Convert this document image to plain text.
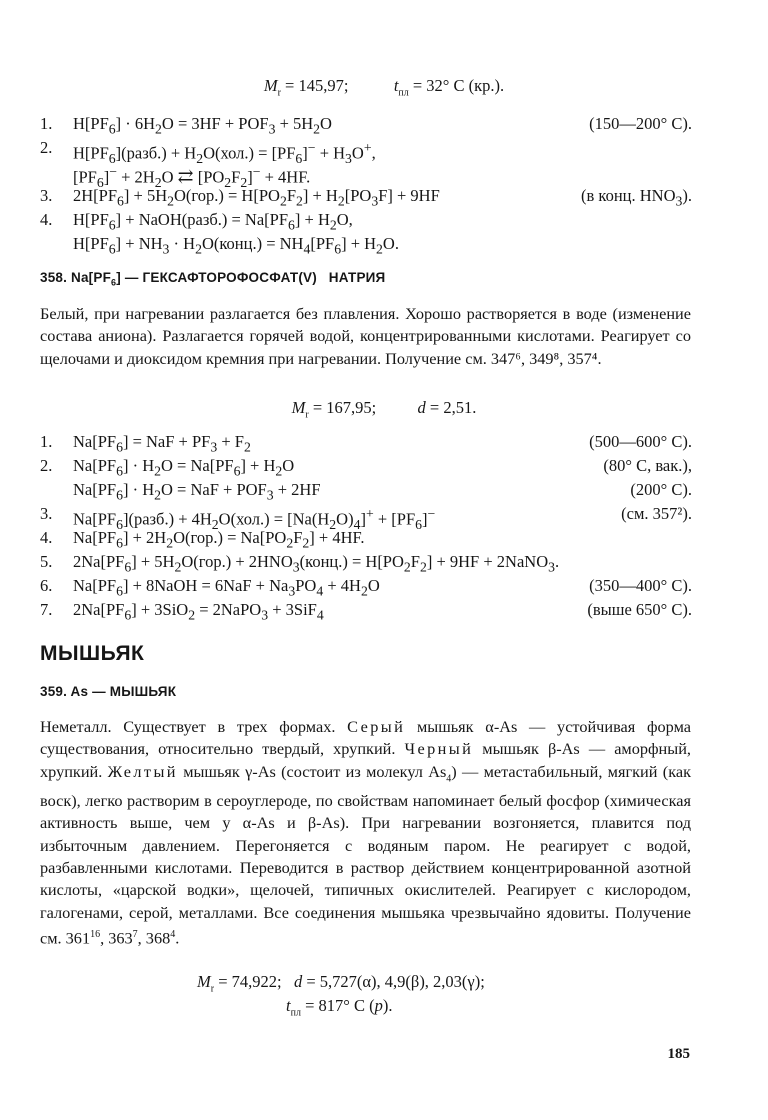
$M_r = 145,97$;           $t_{пл} = 32^\circ$ C (кр.).
1. $H[PF_6] \cdot 6H_2O = 3HF + POF_3 + 5H_2O$	(150—200° C).
2. $H[PF_6](разб.) + H_2O(хол.) = [PF_6]^- + H_3O^+$,
$[PF_6]^- + 2H_2O$ ⇄ $[PO_2F_2]^- + 4HF$.
3. $2H[PF_6] + 5H_2O(гор.) = H[PO_2F_2] + H_2[PO_3F] + 9HF$	(в конц. $HNO_3$).
4. $H[PF_6]$ + NaOH(разб.) = $Na[PF_6] + H_2O$,
$H[PF_6] + NH_3$ · $H_2O(конц.) = NH_4[PF_6] + H_2O$.
358. $Na[PF_6]$ — ГЕКСАФТОРОФОСФАТ(V)   НАТРИЯ
Белый, при нагревании разлагается без плавления. Хорошо растворяется в воде (изменение состава аниона). Разлагается горячей водой, концентрированными кислотами. Реагирует со щелочами и диоксидом кремния при нагревании. Получение см. 347⁶, 349⁸, 357⁴.
$M_r = 167,95$;          d = 2,51.
1. $Na[PF_6]$ = NaF + $PF_3 + F_2$	(500—600° C).
2. $Na[PF_6] \cdot H_2O = Na[PF_6] + H_2O$	(80° C, вак.),
$Na[PF_6] \cdot H_2O$ = NaF + $POF_3 + 2HF$	(200° C).
3. $Na[PF_6](разб.) + 4H_2O(хол.) = [Na(H_2O)_4]^+ + [PF_6]^-$	(см. 357²).
4. $Na[PF_6] + 2H_2O(гор.) = Na[PO_2F_2] + 4HF$.
5. $2Na[PF_6] + 5H_2O(гор.)$ + $2HNO_3(конц.) = H[PO_2F_2] + 9HF$ + 2NaNO$_3$.
6. $Na[PF_6]$ + 8NaOH = $6NaF + Na_3PO_4 + 4H_2O$	(350—400° C).
7. $2Na[PF_6] + 3SiO_2$ = 2NaPO$_3$ + 3SiF$_4$	(выше 650° C).
МЫШЬЯК
359. As — МЫШЬЯК
Неметалл. Существует в трех формах. Серый мышьяк α-As — устойчивая форма существования, относительно твердый, хрупкий. Черный мышьяк β-As — аморфный, хрупкий. Желтый мышьяк γ-As (состоит из молекул $As_4$) — метастабильный, мягкий (как воск), легко растворим в сероуглероде, по свойствам напоминает белый фосфор (химическая активность выше, чем у α-As и β-As). При нагревании возгоняется, плавится под избыточным давлением. Перегоняется с водяным паром. Не реагирует с водой, разбавленными кислотами. Переводится в раствор действием концентрированной азотной кислоты, «царской водки», щелочей, типичных окислителей. Реагирует с кислородом, галогенами, серой, металлами. Все соединения мышьяка чрезвычайно ядовиты. Получение см. $361^{16}$, $363^7$, $368^4$.
$M_r = 74,922$;   d = 5,727(α), 4,9(β), 2,03(γ);
$t_{пл} = 817^\circ$ C (p).
185
